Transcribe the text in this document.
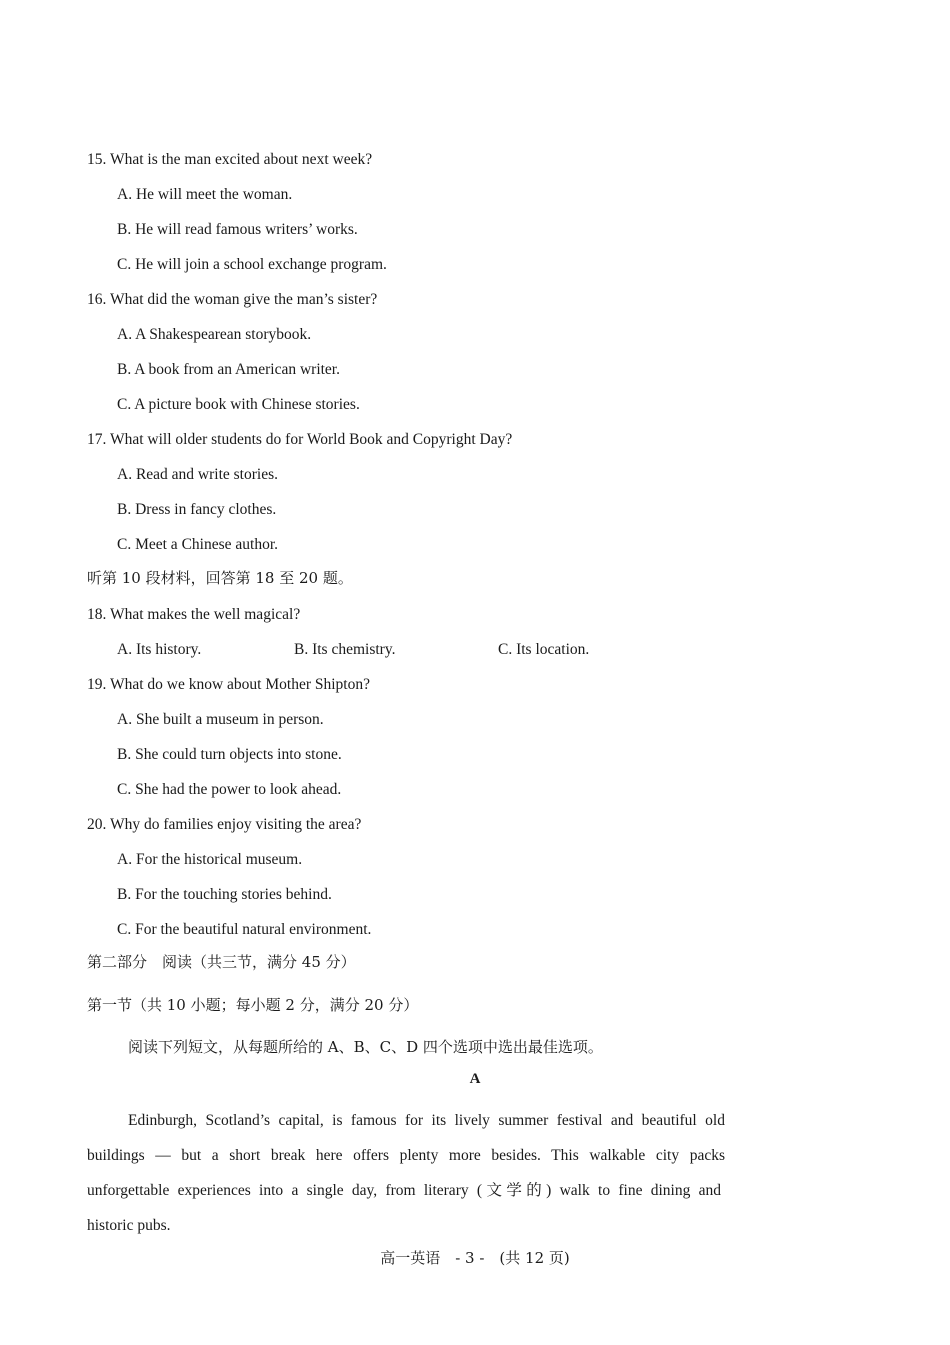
15. What is the man excited about next week?
A. He will meet the woman.
B. He will read famous writers’ works.
C. He will join a school exchange program.
16. What did the woman give the man’s sister?
A. A Shakespearean storybook.
B. A book from an American writer.
C. A picture book with Chinese stories.
17. What will older students do for World Book and Copyright Day?
A. Read and write stories.
B. Dress in fancy clothes.
C. Meet a Chinese author.
听第 10 段材料，回答第 18 至 20 题。
18. What makes the well magical?
A. Its history.	B. Its chemistry.	C. Its location.
19. What do we know about Mother Shipton?
A. She built a museum in person.
B. She could turn objects into stone.
C. She had the power to look ahead.
20. Why do families enjoy visiting the area?
A. For the historical museum.
B. For the touching stories behind.
C. For the beautiful natural environment.
第二部分　阅读（共三节，满分 45 分）
第一节（共 10 小题；每小题 2 分，满分 20 分）
阅读下列短文，从每题所给的 A、B、C、D 四个选项中选出最佳选项。
A
Edinburgh, Scotland’s capital, is famous for its lively summer festival and beautiful old
buildings — but a short break here offers plenty more besides. This walkable city packs
unforgettable experiences into a single day, from literary (文学的) walk to fine dining and
historic pubs.
高一英语　- 3 -　(共 12 页)
